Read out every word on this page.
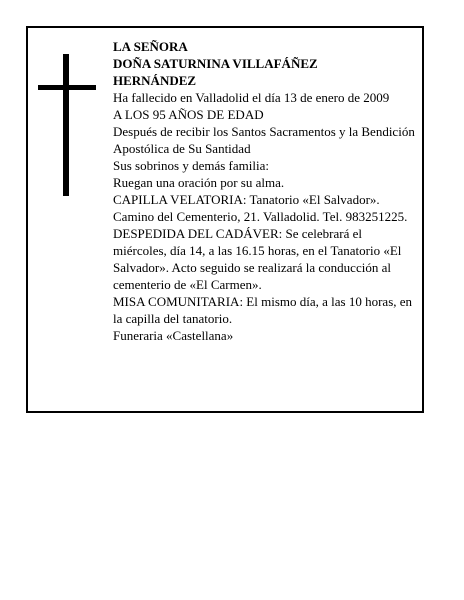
LA SEÑORA

DOÑA SATURNINA VILLAFÁÑEZ

HERNÁNDEZ

Ha fallecido en Valladolid el día 13 de enero de 2009

A LOS 95 AÑOS DE EDAD

Después de recibir los Santos Sacramentos y la Bendición Apostólica de Su Santidad

Sus sobrinos y demás familia:

Ruegan una oración por su alma.

CAPILLA VELATORIA: Tanatorio «El Salvador». Camino del Cementerio, 21. Valladolid. Tel. 983251225.

DESPEDIDA DEL CADÁVER: Se celebrará el miércoles, día 14, a las 16.15 horas, en el Tanatorio «El Salvador». Acto seguido se realizará la conducción al cementerio de «El Carmen».

MISA COMUNITARIA: El mismo día, a las 10 horas, en la capilla del tanatorio.

Funeraria «Castellana»
